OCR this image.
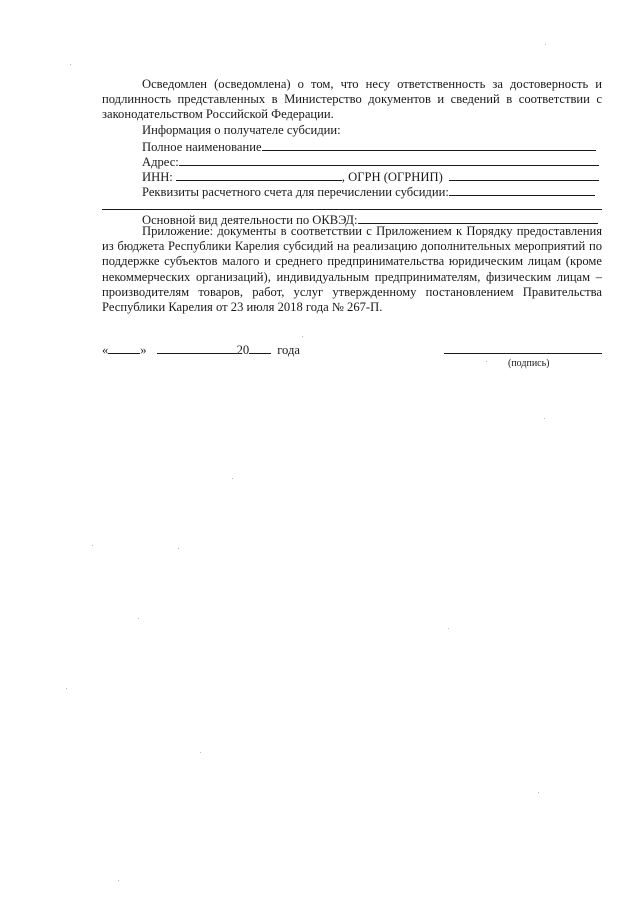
Осведомлен (осведомлена) о том, что несу ответственность за достоверность и подлинность представленных в Министерство документов и сведений в соответствии с законодательством Российской Федерации.
Информация о получателе субсидии:
Полное наименование
Адрес:
ИНН:	, ОГРН (ОГРНИП)
Реквизиты расчетного счета для перечислении субсидии:
Основной вид деятельности по ОКВЭД:
Приложение: документы в соответствии с Приложением к Порядку предоставления из бюджета Республики Карелия субсидий на реализацию дополнительных мероприятий по поддержке субъектов малого и среднего предпринимательства юридическим лицам (кроме некоммерческих организаций), индивидуальным предпринимателям, физическим лицам – производителям товаров, работ, услуг утвержденному постановлением Правительства Республики Карелия от 23 июля 2018 года № 267-П.
«	»	20 года
(подпись)
